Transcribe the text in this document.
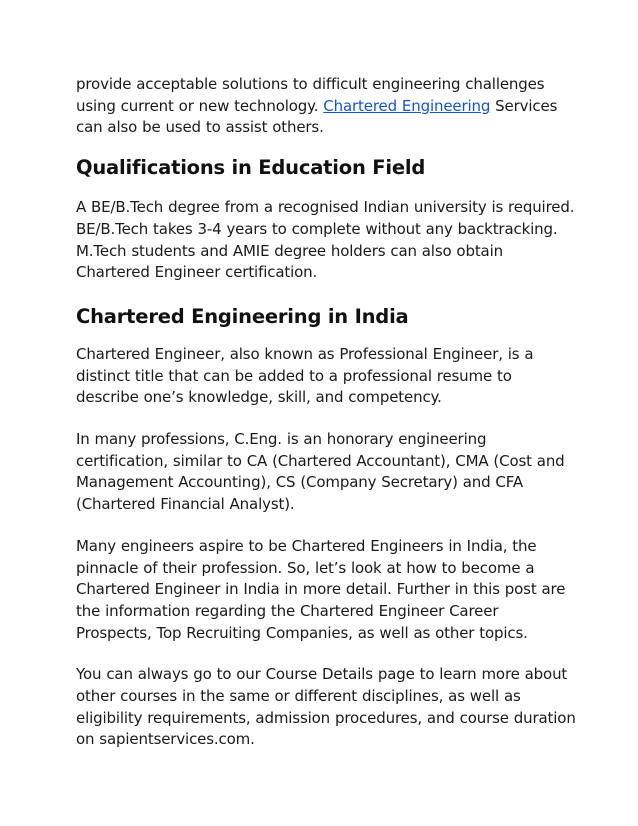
provide acceptable solutions to difficult engineering challenges using current or new technology. Chartered Engineering Services can also be used to assist others.

Qualifications in Education Field

A BE/B.Tech degree from a recognised Indian university is required. BE/B.Tech takes 3-4 years to complete without any backtracking. M.Tech students and AMIE degree holders can also obtain Chartered Engineer certification.

Chartered Engineering in India

Chartered Engineer, also known as Professional Engineer, is a distinct title that can be added to a professional resume to describe one’s knowledge, skill, and competency.

In many professions, C.Eng. is an honorary engineering certification, similar to CA (Chartered Accountant), CMA (Cost and Management Accounting), CS (Company Secretary) and CFA (Chartered Financial Analyst).

Many engineers aspire to be Chartered Engineers in India, the pinnacle of their profession. So, let’s look at how to become a Chartered Engineer in India in more detail. Further in this post are the information regarding the Chartered Engineer Career Prospects, Top Recruiting Companies, as well as other topics.

You can always go to our Course Details page to learn more about other courses in the same or different disciplines, as well as eligibility requirements, admission procedures, and course duration on sapientservices.com.
